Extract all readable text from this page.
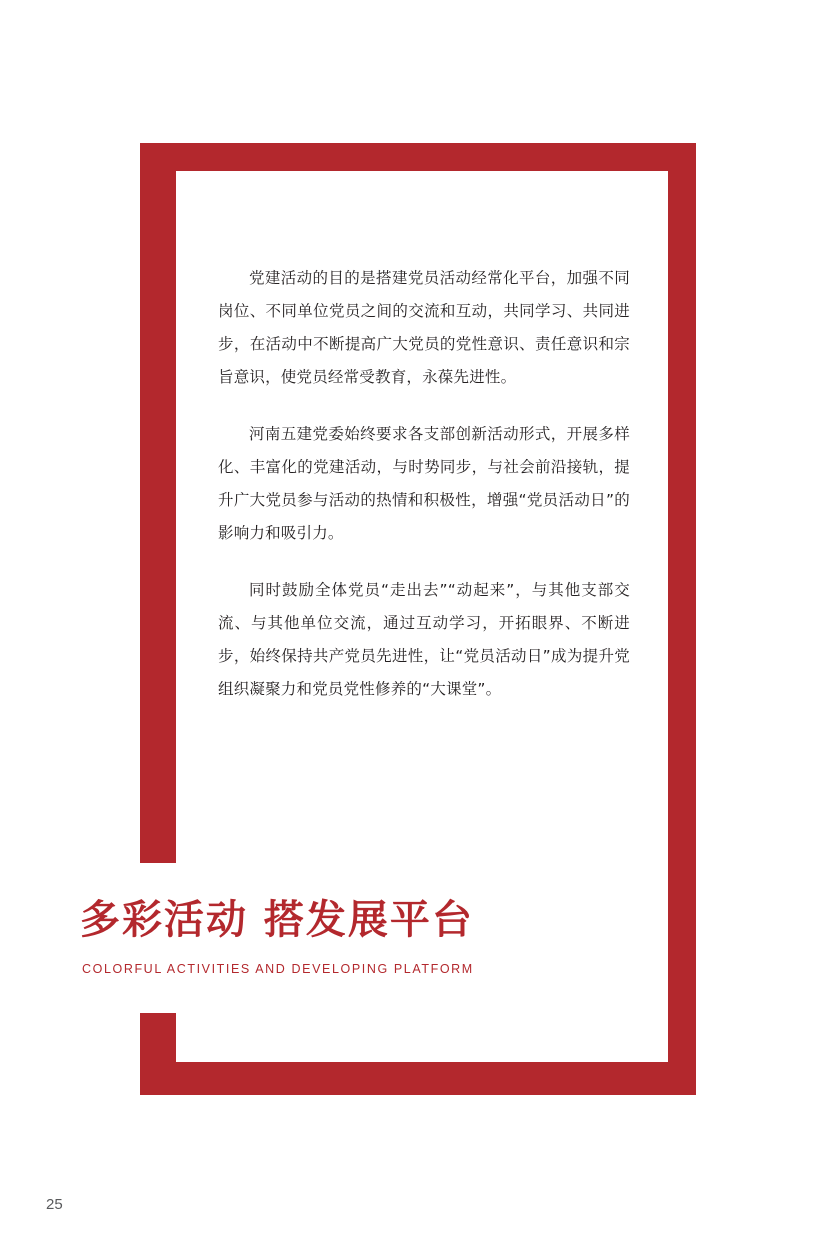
党建活动的目的是搭建党员活动经常化平台，加强不同岗位、不同单位党员之间的交流和互动，共同学习、共同进步，在活动中不断提高广大党员的党性意识、责任意识和宗旨意识，使党员经常受教育，永葆先进性。

河南五建党委始终要求各支部创新活动形式，开展多样化、丰富化的党建活动，与时势同步，与社会前沿接轨，提升广大党员参与活动的热情和积极性，增强“党员活动日”的影响力和吸引力。

同时鼓励全体党员“走出去”“动起来”，与其他支部交流、与其他单位交流，通过互动学习，开拓眼界、不断进步，始终保持共产党员先进性，让“党员活动日”成为提升党组织凝聚力和党员党性修养的“大课堂”。

多彩活动 搭发展平台
COLORFUL ACTIVITIES AND DEVELOPING PLATFORM
25
